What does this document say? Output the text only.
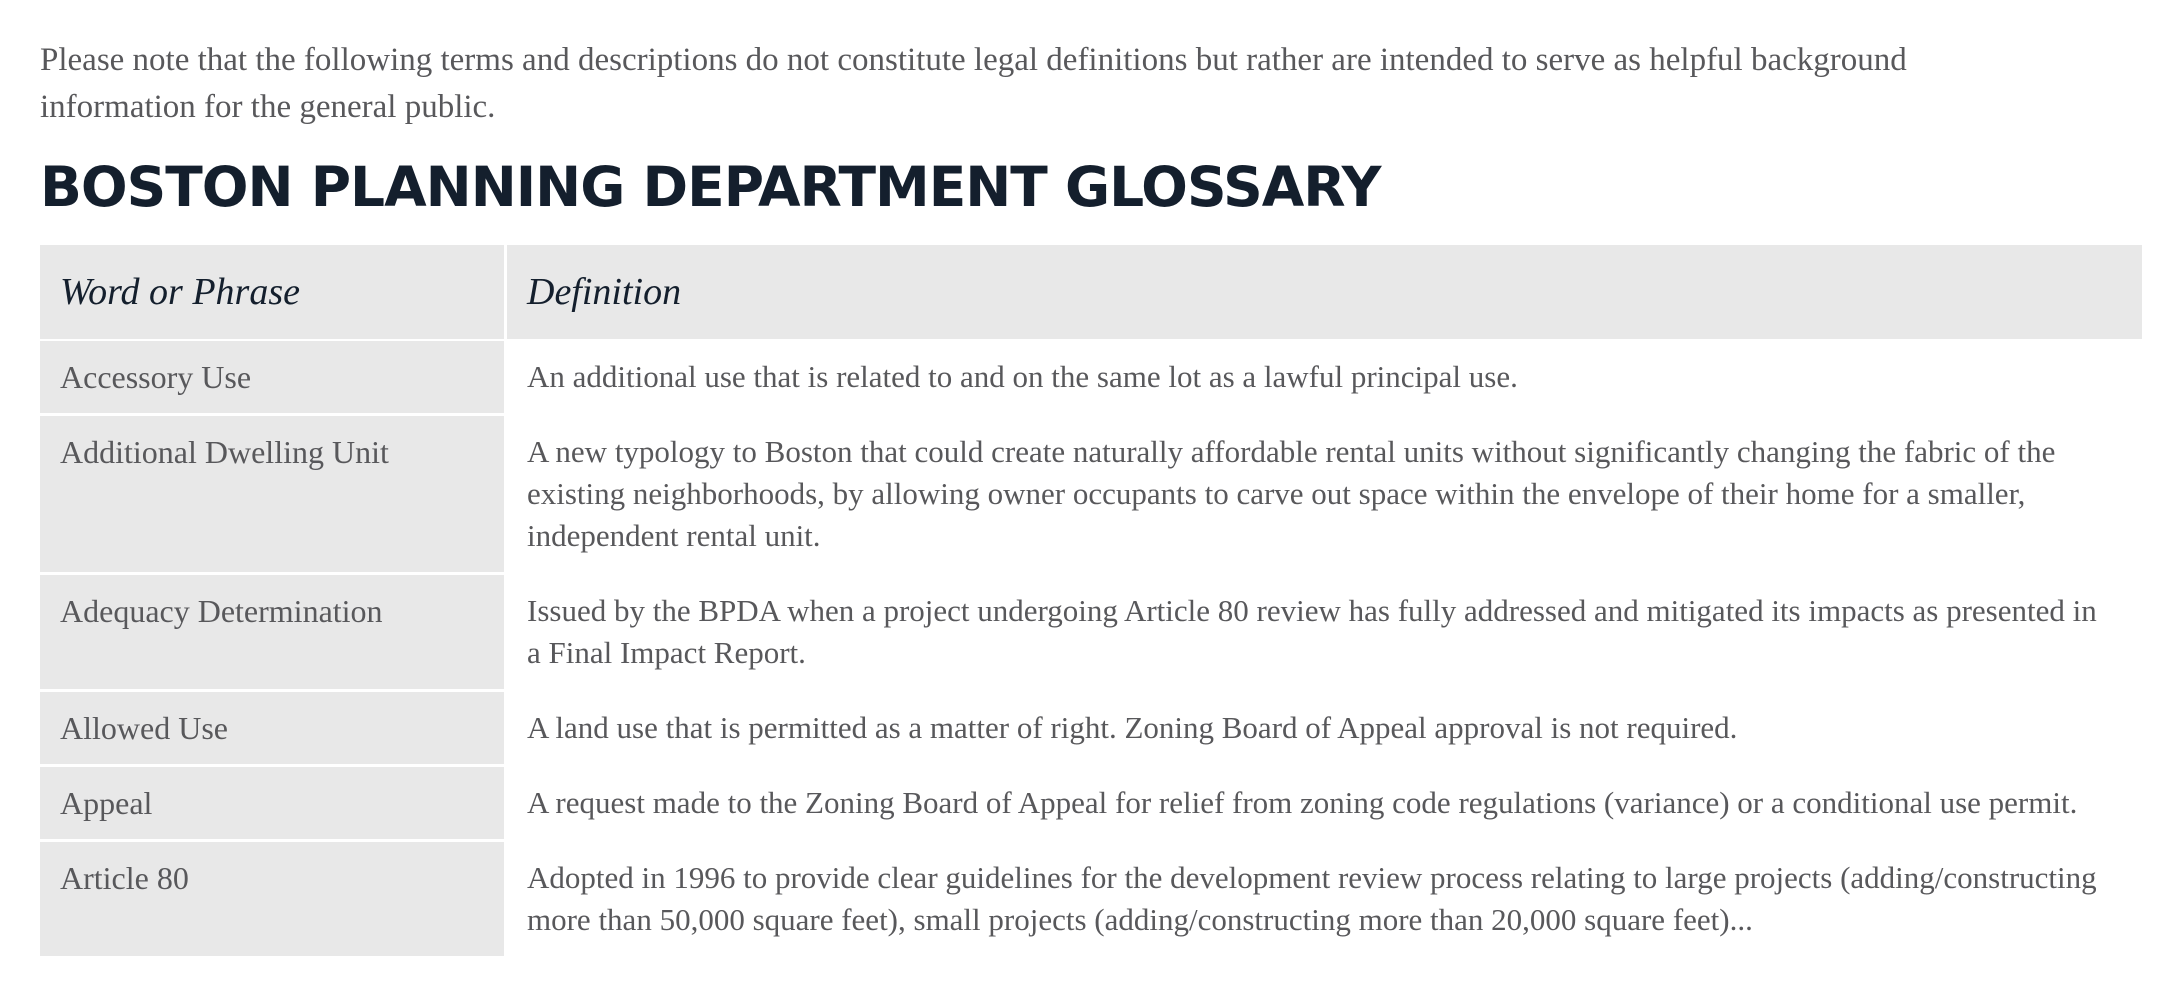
Please note that the following terms and descriptions do not constitute legal definitions but rather are intended to serve as helpful background information for the general public.

BOSTON PLANNING DEPARTMENT GLOSSARY
Word or Phrase	Definition
Accessory Use	An additional use that is related to and on the same lot as a lawful principal use.
Additional Dwelling Unit	A new typology to Boston that could create naturally affordable rental units without significantly changing the fabric of the existing neighborhoods, by allowing owner occupants to carve out space within the envelope of their home for a smaller, independent rental unit.
Adequacy Determination	Issued by the BPDA when a project undergoing Article 80 review has fully addressed and mitigated its impacts as presented in a Final Impact Report.
Allowed Use	A land use that is permitted as a matter of right. Zoning Board of Appeal approval is not required.
Appeal	A request made to the Zoning Board of Appeal for relief from zoning code regulations (variance) or a conditional use permit.
Article 80	Adopted in 1996 to provide clear guidelines for the development review process relating to large projects (adding/constructing more than 50,000 square feet), small projects (adding/constructing more than 20,000 square feet)...
